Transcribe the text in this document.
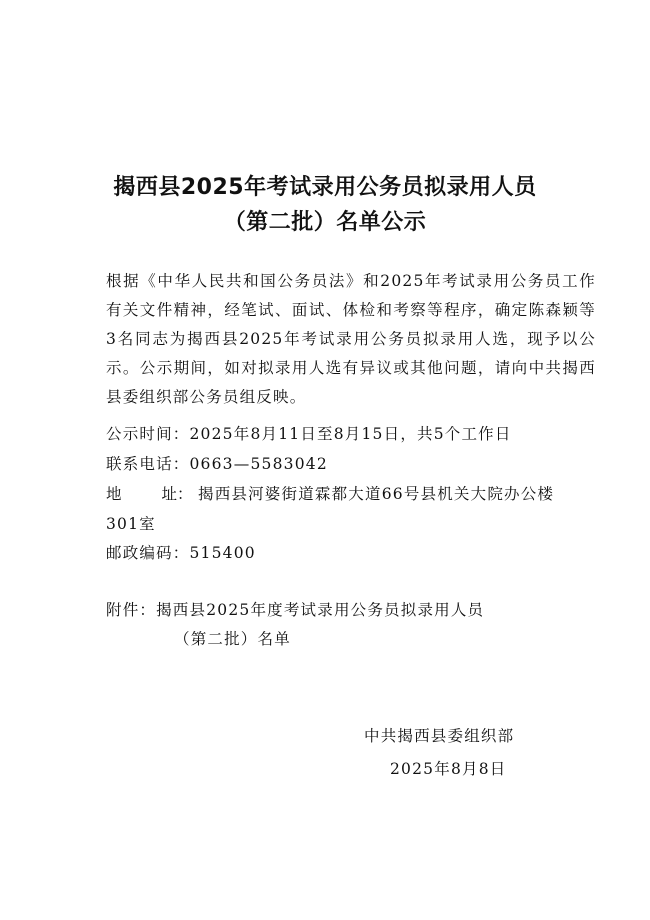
揭西县2025年考试录用公务员拟录用人员
（第二批）名单公示

根据《中华人民共和国公务员法》和2025年考试录用公务员工作有关文件精神，经笔试、面试、体检和考察等程序，确定陈森颖等3名同志为揭西县2025年考试录用公务员拟录用人选，现予以公示。公示期间，如对拟录用人选有异议或其他问题，请向中共揭西县委组织部公务员组反映。

公示时间：2025年8月11日至8月15日，共5个工作日
联系电话：0663—5583042
地	址： 揭西县河婆街道霖都大道66号县机关大院办公楼
301室
邮政编码：515400
附件：揭西县2025年度考试录用公务员拟录用人员
（第二批）名单
中共揭西县委组织部
2025年8月8日
